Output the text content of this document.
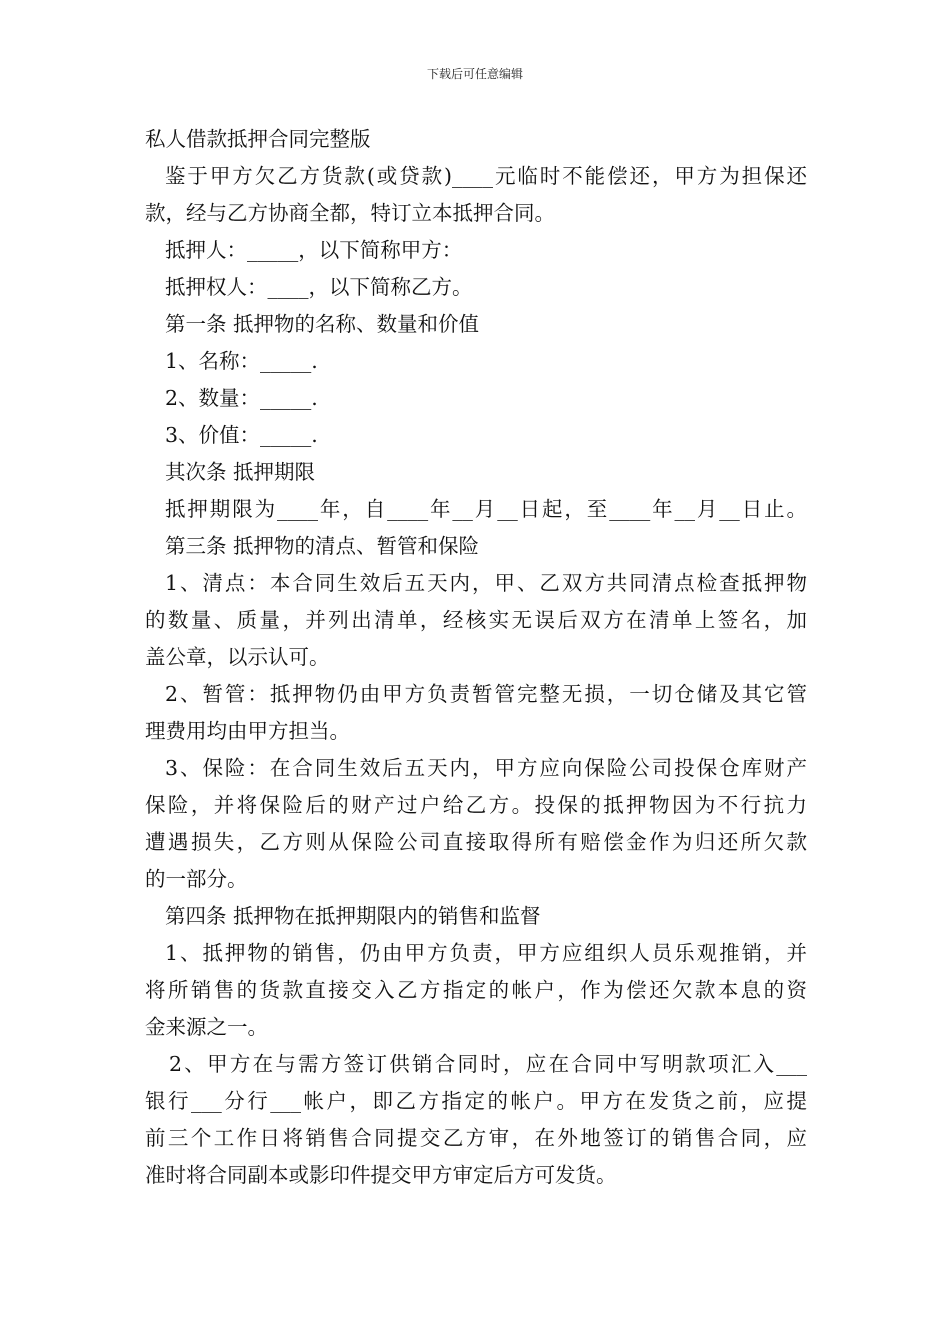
下载后可任意编辑
私人借款抵押合同完整版
鉴于甲方欠乙方货款(或贷款)____元临时不能偿还，甲方为担保还
款，经与乙方协商全都，特订立本抵押合同。
抵押人：_____，以下简称甲方：
抵押权人：____，以下简称乙方。
第一条 抵押物的名称、数量和价值
1、名称：_____.
2、数量：_____.
3、价值：_____.
其次条 抵押期限
抵押期限为____年，自____年__月__日起，至____年__月__日止。
第三条 抵押物的清点、暂管和保险
1、清点：本合同生效后五天内，甲、乙双方共同清点检查抵押物
的数量、质量，并列出清单，经核实无误后双方在清单上签名，加
盖公章，以示认可。
2、暂管：抵押物仍由甲方负责暂管完整无损，一切仓储及其它管
理费用均由甲方担当。
3、保险：在合同生效后五天内，甲方应向保险公司投保仓库财产
保险，并将保险后的财产过户给乙方。投保的抵押物因为不行抗力
遭遇损失，乙方则从保险公司直接取得所有赔偿金作为归还所欠款
的一部分。
第四条 抵押物在抵押期限内的销售和监督
1、抵押物的销售，仍由甲方负责，甲方应组织人员乐观推销，并
将所销售的货款直接交入乙方指定的帐户，作为偿还欠款本息的资
金来源之一。
2、甲方在与需方签订供销合同时，应在合同中写明款项汇入___
银行___分行___帐户，即乙方指定的帐户。甲方在发货之前，应提
前三个工作日将销售合同提交乙方审，在外地签订的销售合同，应
准时将合同副本或影印件提交甲方审定后方可发货。
